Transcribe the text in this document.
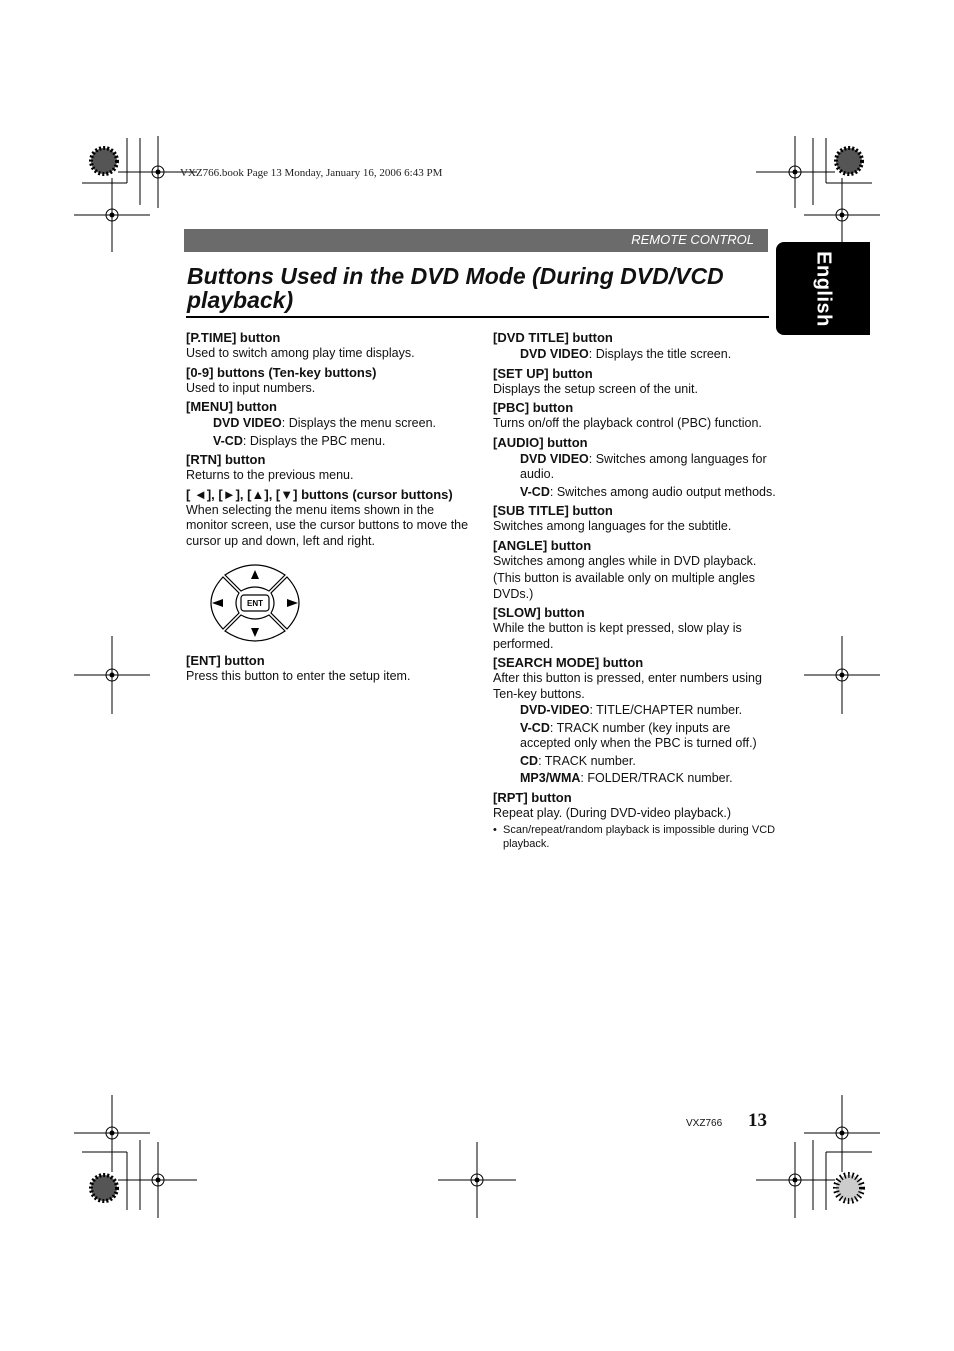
VXZ766.book Page 13 Monday, January 16, 2006 6:43 PM
REMOTE CONTROL
English
Buttons Used in the DVD Mode (During DVD/VCD playback)
[P.TIME] button
Used to switch among play time displays.
[0-9] buttons (Ten-key buttons)
Used to input numbers.
[MENU] button
DVD VIDEO: Displays the menu screen.
V-CD: Displays the PBC menu.
[RTN] button
Returns to the previous menu.
[ ◄], [►], [▲], [▼] buttons (cursor buttons)
When selecting the menu items shown in the monitor screen, use the cursor buttons to move the cursor up and down, left and right.
ENT
[ENT] button
Press this button to enter the setup item.
[DVD TITLE] button
DVD VIDEO: Displays the title screen.
[SET UP] button
Displays the setup screen of the unit.
[PBC] button
Turns on/off the playback control (PBC) function.
[AUDIO] button
DVD VIDEO: Switches among languages for audio.
V-CD: Switches among audio output methods.
[SUB TITLE] button
Switches among languages for the subtitle.
[ANGLE] button
Switches among angles while in DVD playback.
(This button is available only on multiple angles DVDs.)
[SLOW] button
While the button is kept pressed, slow play is performed.
[SEARCH MODE] button
After this button is pressed, enter numbers using Ten-key buttons.
DVD-VIDEO: TITLE/CHAPTER number.
V-CD: TRACK number (key inputs are accepted only when the PBC is turned off.)
CD: TRACK number.
MP3/WMA: FOLDER/TRACK number.
[RPT] button
Repeat play. (During DVD-video playback.)
• Scan/repeat/random playback is impossible during VCD playback.
VXZ766 13
